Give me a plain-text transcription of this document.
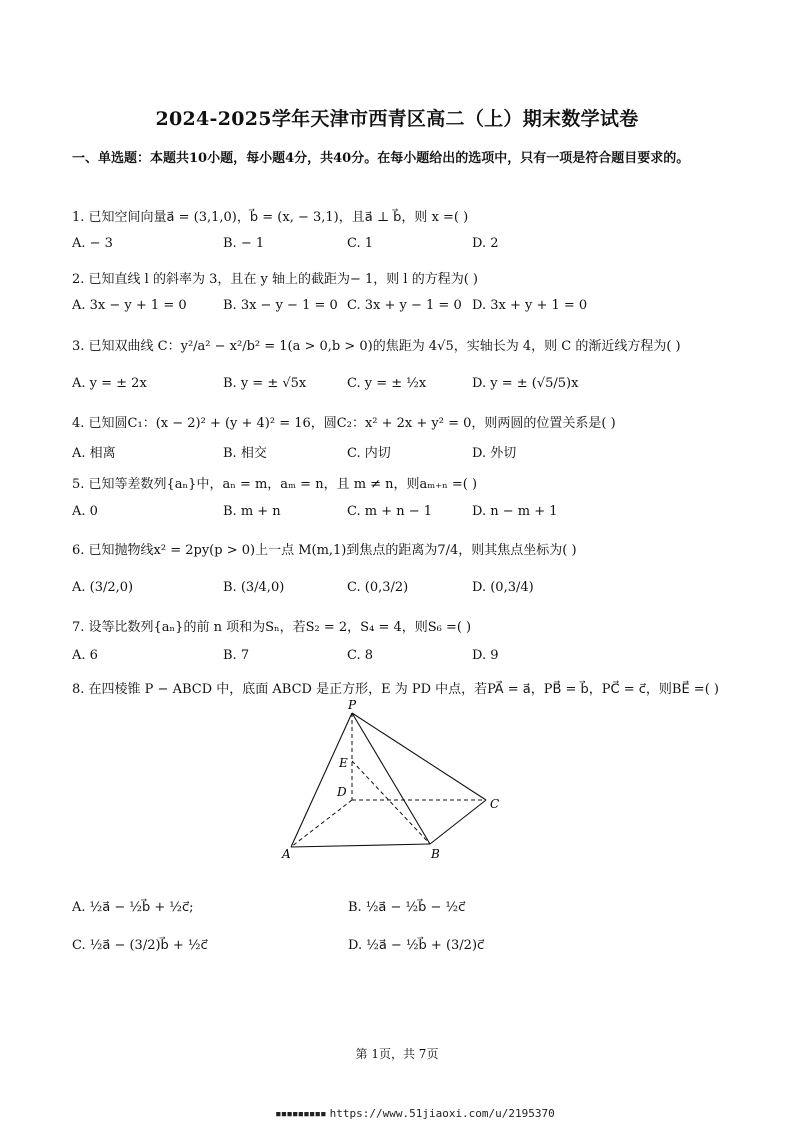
2024-2025学年天津市西青区高二（上）期末数学试卷
一、单选题：本题共10小题，每小题4分，共40分。在每小题给出的选项中，只有一项是符合题目要求的。
1. 已知空间向量a⃗ = (3,1,0)，b⃗ = (x, − 3,1)，且a⃗ ⊥ b⃗，则 x =( )
A. − 3	B. − 1	C. 1	D. 2
2. 已知直线 l 的斜率为 3，且在 y 轴上的截距为− 1，则 l 的方程为( )
A. 3x − y + 1 = 0	B. 3x − y − 1 = 0 C. 3x + y − 1 = 0 D. 3x + y + 1 = 0
3. 已知双曲线 C：y²/a² − x²/b² = 1(a > 0,b > 0)的焦距为 4√5，实轴长为 4，则 C 的渐近线方程为( )
A. y = ± 2x	B. y = ± √5x	C. y = ± ½x	D. y = ± (√5/5)x
4. 已知圆C₁：(x − 2)² + (y + 4)² = 16，圆C₂：x² + 2x + y² = 0，则两圆的位置关系是( )
A. 相离	B. 相交	C. 内切	D. 外切
5. 已知等差数列{aₙ}中，aₙ = m，aₘ = n，且 m ≠ n，则aₘ₊ₙ =( )
A. 0	B. m + n	C. m + n − 1	D. n − m + 1
6. 已知抛物线x² = 2py(p > 0)上一点 M(m,1)到焦点的距离为7/4，则其焦点坐标为( )
A. (3/2,0)	B. (3/4,0)	C. (0,3/2)	D. (0,3/4)
7. 设等比数列{aₙ}的前 n 项和为Sₙ，若S₂ = 2，S₄ = 4，则S₆ =( )
A. 6	B. 7	C. 8	D. 9
8. 在四棱锥 P − ABCD 中，底面 ABCD 是正方形，E 为 PD 中点，若PA⃗ = a⃗，PB⃗ = b⃗，PC⃗ = c⃗，则BE⃗ =( )
P
E
D
C
A	B
A. ½a⃗ − ½b⃗ + ½c⃗;	B. ½a⃗ − ½b⃗ − ½c⃗
C. ½a⃗ − (3/2)b⃗ + ½c⃗	D. ½a⃗ − ½b⃗ + (3/2)c⃗
第 1页，共 7页
▪▪▪▪▪▪▪▪▪ https://www.51jiaoxi.com/u/2195370
